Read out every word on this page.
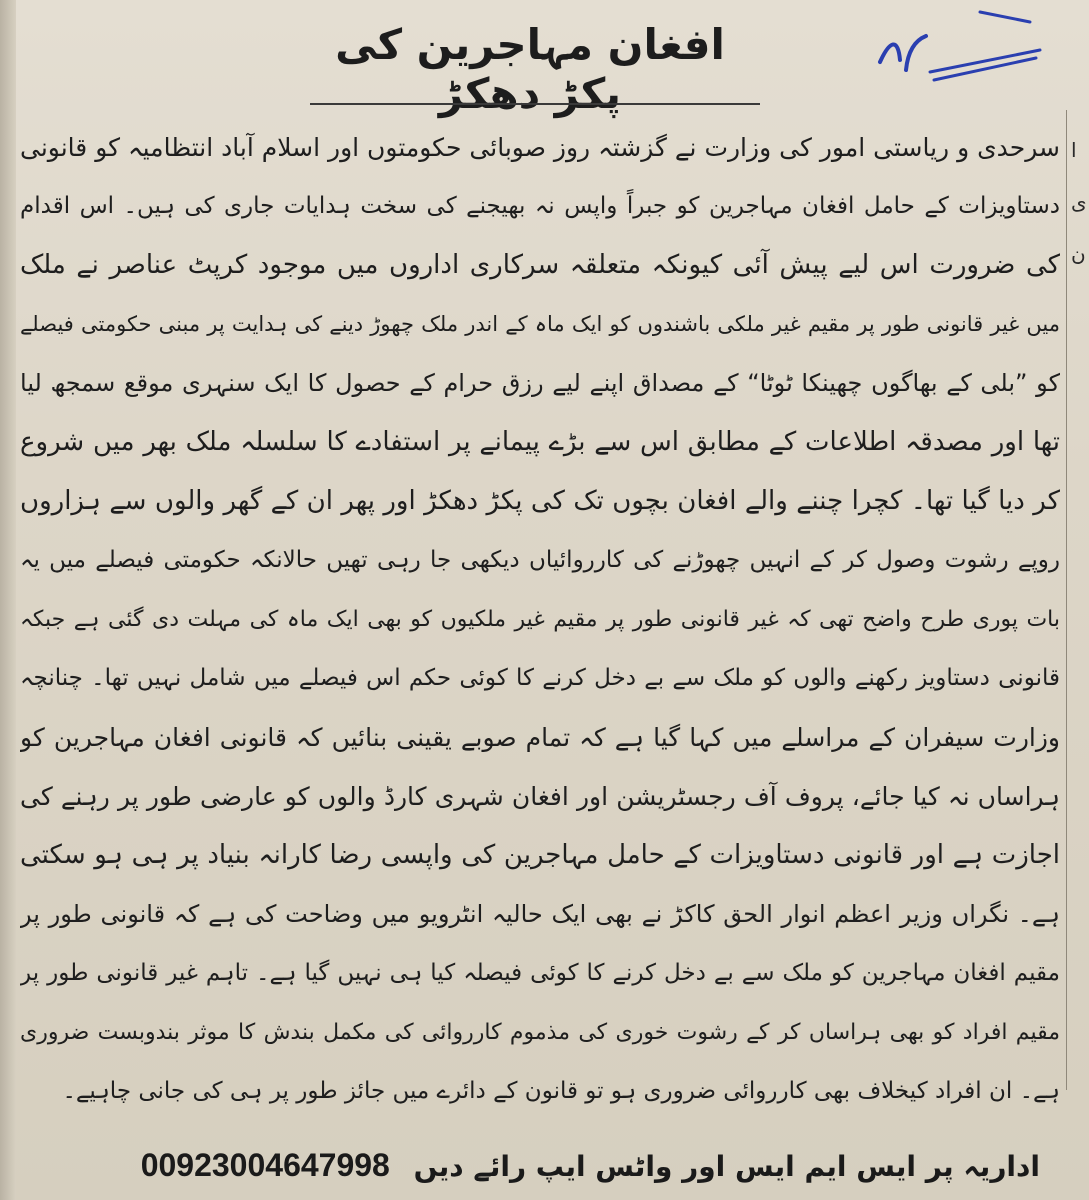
ا
ی
ن
افغان مہاجرین کی پکڑ دھکڑ
سرحدی و ریاستی امور کی وزارت نے گزشتہ روز صوبائی حکومتوں اور اسلام آباد انتظامیہ کو قانونی
دستاویزات کے حامل افغان مہاجرین کو جبراً واپس نہ بھیجنے کی سخت ہدایات جاری کی ہیں۔ اس اقدام
کی ضرورت اس لیے پیش آئی کیونکہ متعلقہ سرکاری اداروں میں موجود کرپٹ عناصر نے ملک
میں غیر قانونی طور پر مقیم غیر ملکی باشندوں کو ایک ماہ کے اندر ملک چھوڑ دینے کی ہدایت پر مبنی حکومتی فیصلے
کو ”بلی کے بھاگوں چھینکا ٹوٹا“ کے مصداق اپنے لیے رزق حرام کے حصول کا ایک سنہری موقع سمجھ لیا
تھا اور مصدقہ اطلاعات کے مطابق اس سے بڑے پیمانے پر استفادے کا سلسلہ ملک بھر میں شروع
کر دیا گیا تھا۔ کچرا چننے والے افغان بچوں تک کی پکڑ دھکڑ اور پھر ان کے گھر والوں سے ہزاروں
روپے رشوت وصول کر کے انہیں چھوڑنے کی کارروائیاں دیکھی جا رہی تھیں حالانکہ حکومتی فیصلے میں یہ
بات پوری طرح واضح تھی کہ غیر قانونی طور پر مقیم غیر ملکیوں کو بھی ایک ماہ کی مہلت دی گئی ہے جبکہ
قانونی دستاویز رکھنے والوں کو ملک سے بے دخل کرنے کا کوئی حکم اس فیصلے میں شامل نہیں تھا۔ چنانچہ
وزارت سیفران کے مراسلے میں کہا گیا ہے کہ تمام صوبے یقینی بنائیں کہ قانونی افغان مہاجرین کو
ہراساں نہ کیا جائے، پروف آف رجسٹریشن اور افغان شہری کارڈ والوں کو عارضی طور پر رہنے کی
اجازت ہے اور قانونی دستاویزات کے حامل مہاجرین کی واپسی رضا کارانہ بنیاد پر ہی ہو سکتی
ہے۔ نگراں وزیر اعظم انوار الحق کاکڑ نے بھی ایک حالیہ انٹرویو میں وضاحت کی ہے کہ قانونی طور پر
مقیم افغان مہاجرین کو ملک سے بے دخل کرنے کا کوئی فیصلہ کیا ہی نہیں گیا ہے۔ تاہم غیر قانونی طور پر
مقیم افراد کو بھی ہراساں کر کے رشوت خوری کی مذموم کارروائی کی مکمل بندش کا موثر بندوبست ضروری
ہے۔ ان افراد کیخلاف بھی کارروائی ضروری ہو تو قانون کے دائرے میں جائز طور پر ہی کی جانی چاہیے۔
اداریہ پر ایس ایم ایس اور واٹس ایپ رائے دیں 00923004647998
